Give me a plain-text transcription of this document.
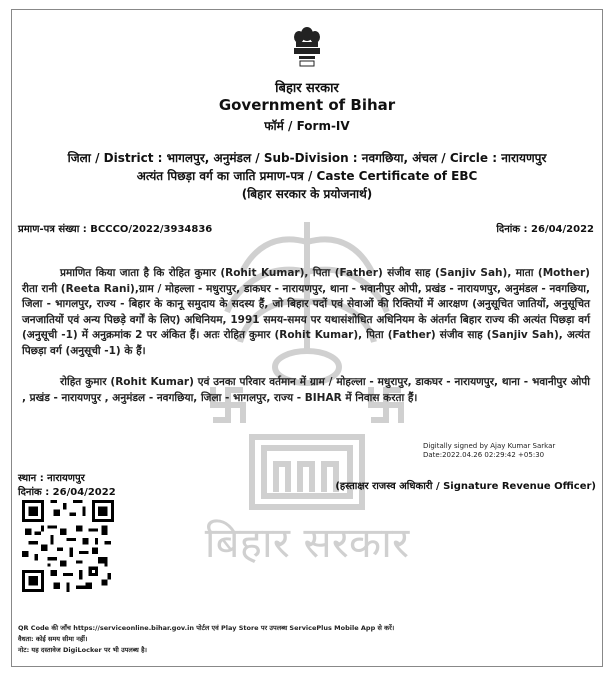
बिहार सरकार
बिहार सरकार
Government of Bihar
फॉर्म / Form-IV
जिला / District : भागलपुर, अनुमंडल / Sub-Division : नवगछिया, अंचल / Circle : नारायणपुर
अत्यंत पिछड़ा वर्ग का जाति प्रमाण-पत्र / Caste Certificate of EBC
(बिहार सरकार के प्रयोजनार्थ)
प्रमाण-पत्र संख्या : BCCCO/2022/3934836	दिनांक : 26/04/2022
प्रमाणित किया जाता है कि रोहित कुमार (Rohit Kumar), पिता (Father) संजीव साह (Sanjiv Sah), माता (Mother) रीता रानी (Reeta Rani),ग्राम / मोहल्ला - मधुरापुर, डाकघर - नारायणपुर, थाना - भवानीपुर ओपी, प्रखंड - नारायणपुर, अनुमंडल - नवगछिया, जिला - भागलपुर, राज्य - बिहार के कानू समुदाय के सदस्य हैं, जो बिहार पदों एवं सेवाओं की रिक्तियों में आरक्षण (अनुसूचित जातियों, अनुसूचित जनजातियों एवं अन्य पिछड़े वर्गों के लिए) अधिनियम, 1991 समय-समय पर यथासंशोधित अधिनियम के अंतर्गत बिहार राज्य की अत्यंत पिछड़ा वर्ग (अनुसूची -1) में अनुक्रमांक 2 पर अंकित हैं। अतः रोहित कुमार (Rohit Kumar), पिता (Father) संजीव साह (Sanjiv Sah), अत्यंत पिछड़ा वर्ग (अनुसूची -1) के हैं।
रोहित कुमार (Rohit Kumar) एवं उनका परिवार वर्तमान में ग्राम / मोहल्ला - मधुरापुर, डाकघर - नारायणपुर, थाना - भवानीपुर ओपी , प्रखंड - नारायणपुर , अनुमंडल - नवगछिया, जिला - भागलपुर, राज्य - BIHAR में निवास करता हैं।
Digitally signed by Ajay Kumar Sarkar
Date:2022.04.26 02:29:42 +05:30
स्थान : नारायणपुर
दिनांक : 26/04/2022
(हस्ताक्षर राजस्व अधिकारी / Signature Revenue Officer)
QR Code की जाँच https://serviceonline.bihar.gov.in पोर्टल एवं Play Store पर उपलब्ध ServicePlus Mobile App से करें।
वैधता: कोई समय सीमा नहीं।
नोट: यह दस्तावेज DigiLocker पर भी उपलब्ध है।
